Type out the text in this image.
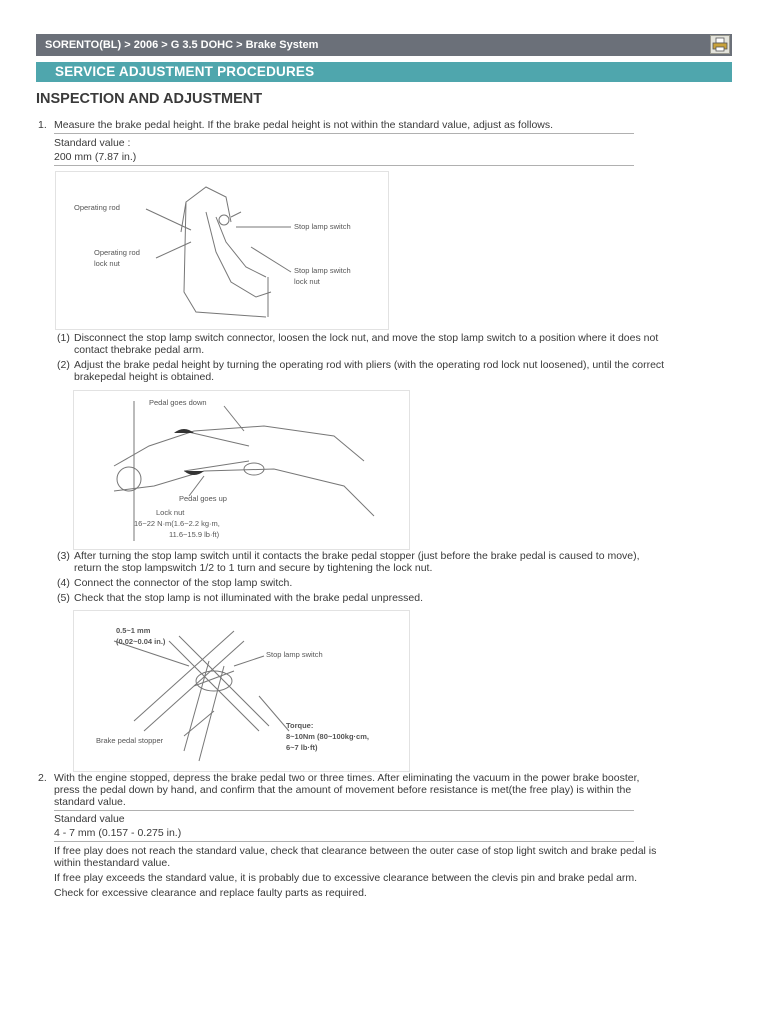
SORENTO(BL) > 2006 > G 3.5 DOHC > Brake System
SERVICE ADJUSTMENT PROCEDURES
INSPECTION AND ADJUSTMENT
1. Measure the brake pedal height. If the brake pedal height is not within the standard value, adjust as follows.
Standard value :
200 mm (7.87 in.)
Operating rod
Stop lamp switch
Operating rod
lock nut
Stop lamp switch
lock nut
(1) Disconnect the stop lamp switch connector, loosen the lock nut, and move the stop lamp switch to a position where it does not
contact thebrake pedal arm.
(2) Adjust the brake pedal height by turning the operating rod with pliers (with the operating rod lock nut loosened), until the correct
brakepedal height is obtained.
Pedal goes down
Pedal goes up
Lock nut
16~22 N·m(1.6~2.2 kg·m,
11.6~15.9 lb·ft)
(3) After turning the stop lamp switch until it contacts the brake pedal stopper (just before the brake pedal is caused to move),
return the stop lampswitch 1/2 to 1 turn and secure by tightening the lock nut.
(4) Connect the connector of the stop lamp switch.
(5) Check that the stop lamp is not illuminated with the brake pedal unpressed.
0.5~1 mm
(0.02~0.04 in.)
Stop lamp switch
Brake pedal stopper
Torque:
8~10Nm (80~100kg·cm,
6~7 lb·ft)
2. With the engine stopped, depress the brake pedal two or three times. After eliminating the vacuum in the power brake booster,
press the pedal down by hand, and confirm that the amount of movement before resistance is met(the free play) is within the
standard value.
Standard value
4 - 7 mm (0.157 - 0.275 in.)
If free play does not reach the standard value, check that clearance between the outer case of stop light switch and brake pedal is
within thestandard value.
If free play exceeds the standard value, it is probably due to excessive clearance between the clevis pin and brake pedal arm.
Check for excessive clearance and replace faulty parts as required.
